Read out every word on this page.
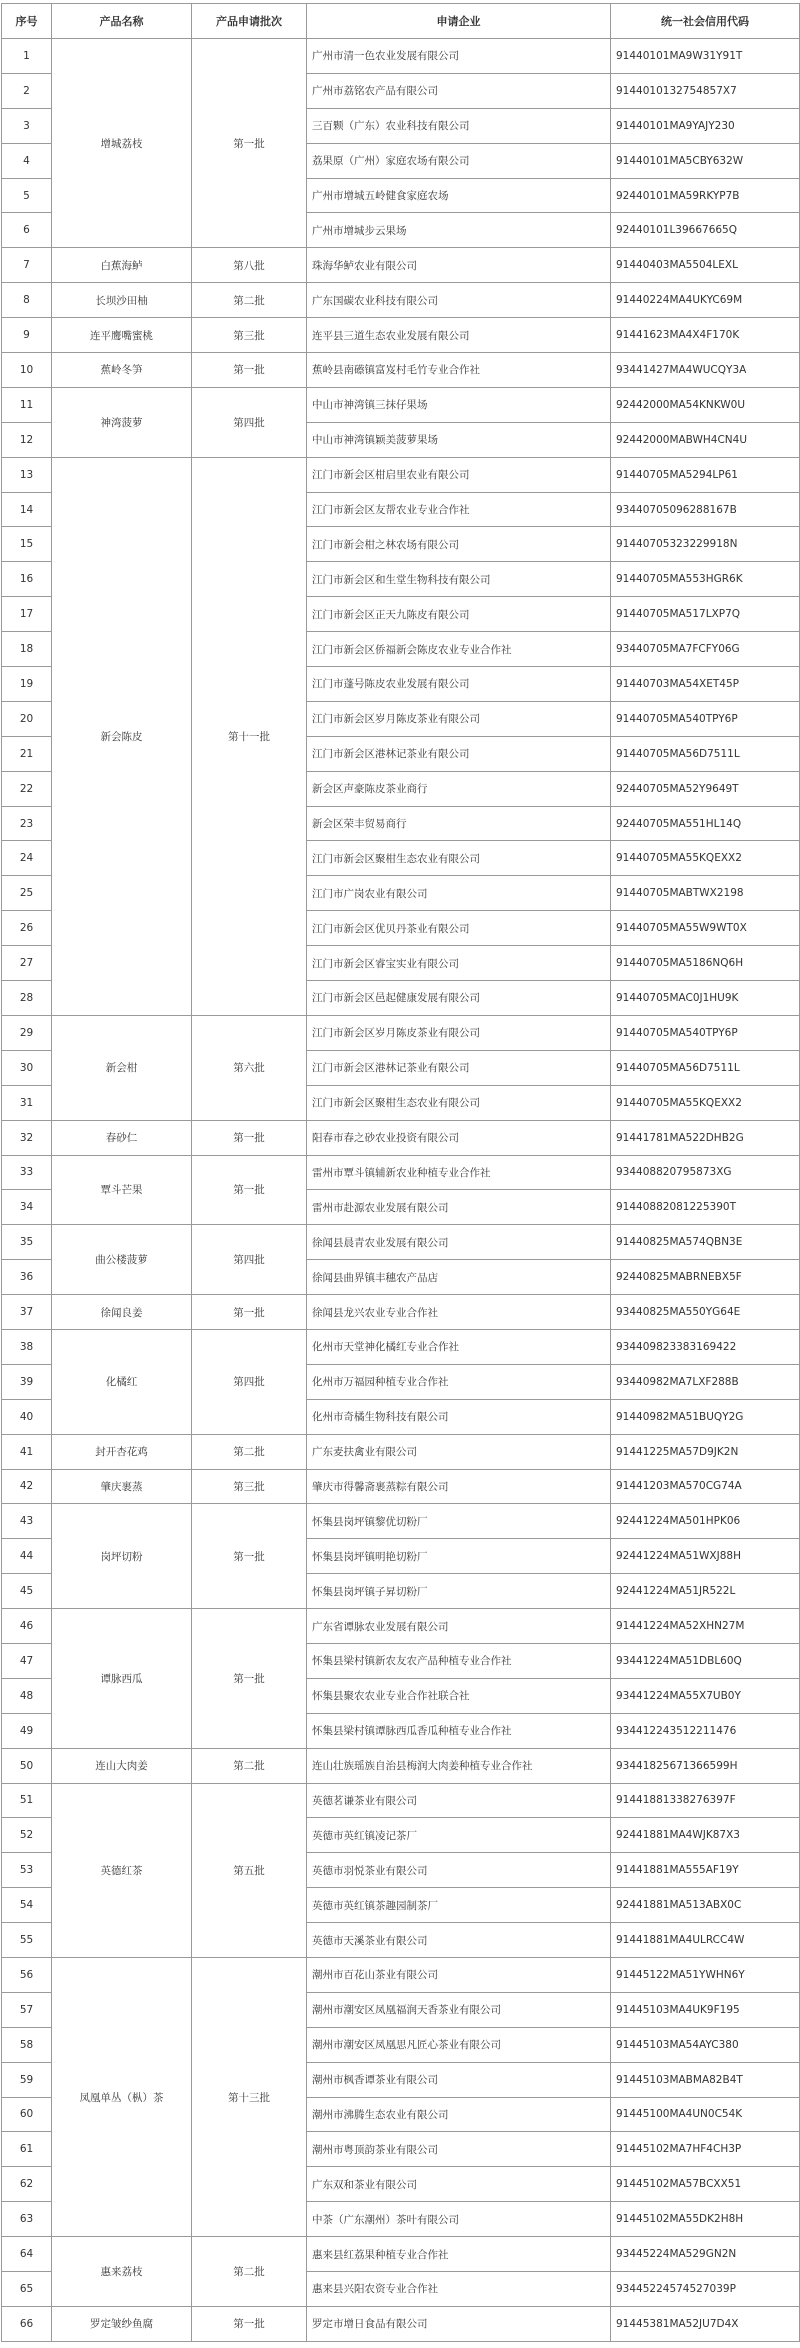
序号	产品名称	产品申请批次	申请企业	统一社会信用代码
1	增城荔枝	第一批	广州市清一色农业发展有限公司	91440101MA9W31Y91T
2			广州市荔铭农产品有限公司	9144010132754857X7
3			三百颗（广东）农业科技有限公司	91440101MA9YAJY230
4			荔果原（广州）家庭农场有限公司	91440101MA5CBY632W
5			广州市增城五岭健食家庭农场	92440101MA59RKYP7B
6			广州市增城步云果场	92440101L39667665Q
7	白蕉海鲈	第八批	珠海华鲈农业有限公司	91440403MA5504LEXL
8	长坝沙田柚	第二批	广东国碳农业科技有限公司	91440224MA4UKYC69M
9	连平鹰嘴蜜桃	第三批	连平县三道生态农业发展有限公司	91441623MA4X4F170K
10	蕉岭冬笋	第一批	蕉岭县南礤镇富岌村毛竹专业合作社	93441427MA4WUCQY3A
11	神湾菠萝	第四批	中山市神湾镇三抹仔果场	92442000MA54KNKW0U
12			中山市神湾镇颖美菠萝果场	92442000MABWH4CN4U
13	新会陈皮	第十一批	江门市新会区柑启里农业有限公司	91440705MA5294LP61
14			江门市新会区友帮农业专业合作社	93440705096288167B
15			江门市新会柑之林农场有限公司	91440705323229918N
16			江门市新会区和生堂生物科技有限公司	91440705MA553HGR6K
17			江门市新会区正天九陈皮有限公司	91440705MA517LXP7Q
18			江门市新会区侨福新会陈皮农业专业合作社	93440705MA7FCFY06G
19			江门市蓬号陈皮农业发展有限公司	91440703MA54XET45P
20			江门市新会区岁月陈皮茶业有限公司	91440705MA540TPY6P
21			江门市新会区港林记茶业有限公司	91440705MA56D7511L
22			新会区声豪陈皮茶业商行	92440705MA52Y9649T
23			新会区荣丰贸易商行	92440705MA551HL14Q
24			江门市新会区聚柑生态农业有限公司	91440705MA55KQEXX2
25			江门市广岗农业有限公司	91440705MABTWX2198
26			江门市新会区优贝丹茶业有限公司	91440705MA55W9WT0X
27			江门市新会区睿宝实业有限公司	91440705MA5186NQ6H
28			江门市新会区邑起健康发展有限公司	91440705MAC0J1HU9K
29	新会柑	第六批	江门市新会区岁月陈皮茶业有限公司	91440705MA540TPY6P
30			江门市新会区港林记茶业有限公司	91440705MA56D7511L
31			江门市新会区聚柑生态农业有限公司	91440705MA55KQEXX2
32	春砂仁	第一批	阳春市春之砂农业投资有限公司	91441781MA522DHB2G
33	覃斗芒果	第一批	雷州市覃斗镇辅新农业种植专业合作社	934408820795873XG
34			雷州市赴源农业发展有限公司	91440882081225390T
35	曲公楼菠萝	第四批	徐闻县晨青农业发展有限公司	91440825MA574QBN3E
36			徐闻县曲界镇丰穗农产品店	92440825MABRNEBX5F
37	徐闻良姜	第一批	徐闻县龙兴农业专业合作社	93440825MA550YG64E
38	化橘红	第四批	化州市天堂神化橘红专业合作社	934409823383169422
39			化州市万福园种植专业合作社	93440982MA7LXF288B
40			化州市奇橘生物科技有限公司	91440982MA51BUQY2G
41	封开杏花鸡	第二批	广东麦扶禽业有限公司	91441225MA57D9JK2N
42	肇庆裹蒸	第三批	肇庆市得馨斋裹蒸粽有限公司	91441203MA570CG74A
43	岗坪切粉	第一批	怀集县岗坪镇黎优切粉厂	92441224MA501HPK06
44			怀集县岗坪镇明艳切粉厂	92441224MA51WXJ88H
45			怀集县岗坪镇子昇切粉厂	92441224MA51JR522L
46	谭脉西瓜	第一批	广东省谭脉农业发展有限公司	91441224MA52XHN27M
47			怀集县梁村镇新农友农产品种植专业合作社	93441224MA51DBL60Q
48			怀集县聚农农业专业合作社联合社	93441224MA55X7UB0Y
49			怀集县梁村镇谭脉西瓜香瓜种植专业合作社	934412243512211476
50	连山大肉姜	第二批	连山壮族瑶族自治县梅润大肉姜种植专业合作社	93441825671366599H
51	英德红茶	第五批	英德茗谦茶业有限公司	91441881338276397F
52			英德市英红镇凌记茶厂	92441881MA4WJK87X3
53			英德市羽悦茶业有限公司	91441881MA555AF19Y
54			英德市英红镇茶趣园制茶厂	92441881MA513ABX0C
55			英德市天溪茶业有限公司	91441881MA4ULRCC4W
56	凤凰单丛（枞）茶	第十三批	潮州市百花山茶业有限公司	91445122MA51YWHN6Y
57			潮州市潮安区凤凰福润天香茶业有限公司	91445103MA4UK9F195
58			潮州市潮安区凤凰思凡匠心茶业有限公司	91445103MA54AYC380
59			潮州市枫香谭茶业有限公司	91445103MABMA82B4T
60			潮州市沸腾生态农业有限公司	91445100MA4UN0C54K
61			潮州市粤顶韵茶业有限公司	91445102MA7HF4CH3P
62			广东双和茶业有限公司	91445102MA57BCXX51
63			中茶（广东潮州）茶叶有限公司	91445102MA55DK2H8H
64	惠来荔枝	第二批	惠来县红荔果种植专业合作社	93445224MA529GN2N
65			惠来县兴阳农资专业合作社	93445224574527039P
66	罗定皱纱鱼腐	第一批	罗定市增日食品有限公司	91445381MA52JU7D4X
